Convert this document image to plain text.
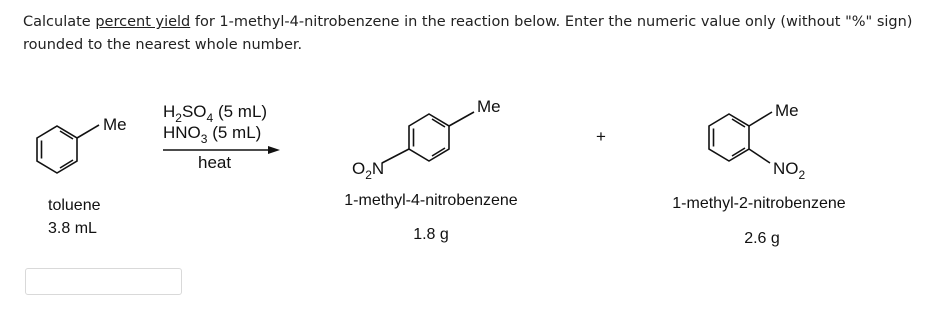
Calculate percent yield for 1-methyl-4-nitrobenzene in the reaction below. Enter the numeric value only (without "%" sign) rounded to the nearest whole number.
Me
toluene
3.8 mL
$H_2SO_4$ (5 mL)
$HNO_3$ (5 mL)
heat
Me
$O_2N$
1-methyl-4-nitrobenzene
1.8 g
+
Me
$NO_2$
1-methyl-2-nitrobenzene
2.6 g
